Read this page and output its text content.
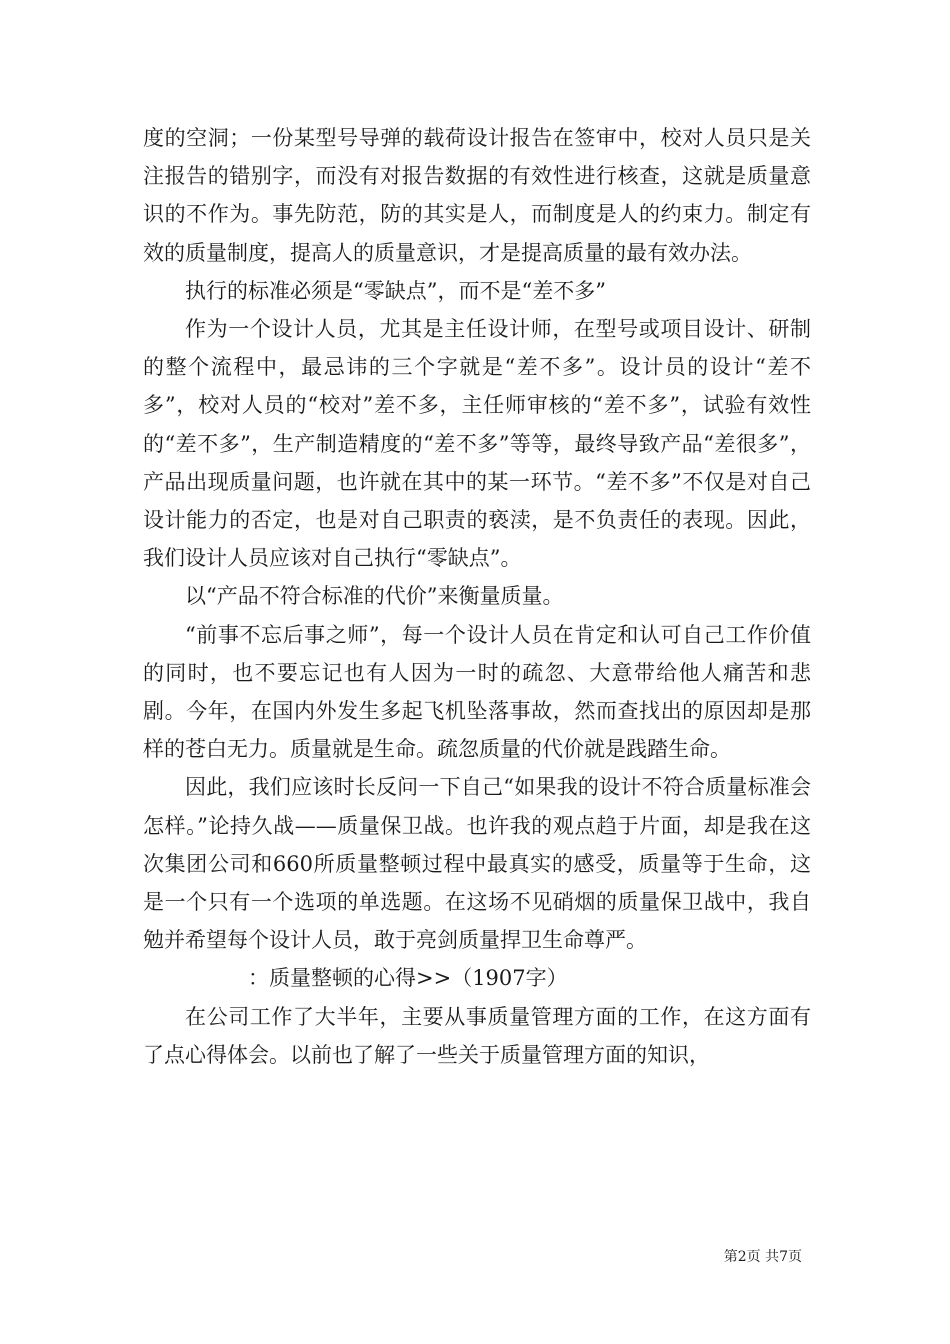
度的空洞；一份某型号导弹的载荷设计报告在签审中，校对人员只是关注报告的错别字，而没有对报告数据的有效性进行核查，这就是质量意识的不作为。事先防范，防的其实是人，而制度是人的约束力。制定有效的质量制度，提高人的质量意识，才是提高质量的最有效办法。

执行的标准必须是“零缺点”，而不是“差不多”

作为一个设计人员，尤其是主任设计师，在型号或项目设计、研制的整个流程中，最忌讳的三个字就是“差不多”。设计员的设计“差不多”，校对人员的“校对”差不多，主任师审核的“差不多”，试验有效性的“差不多”，生产制造精度的“差不多”等等，最终导致产品“差很多”，产品出现质量问题，也许就在其中的某一环节。“差不多”不仅是对自己设计能力的否定，也是对自己职责的亵渎，是不负责任的表现。因此，我们设计人员应该对自己执行“零缺点”。

以“产品不符合标准的代价”来衡量质量。

“前事不忘后事之师”，每一个设计人员在肯定和认可自己工作价值的同时，也不要忘记也有人因为一时的疏忽、大意带给他人痛苦和悲剧。今年，在国内外发生多起飞机坠落事故，然而查找出的原因却是那样的苍白无力。质量就是生命。疏忽质量的代价就是践踏生命。

因此，我们应该时长反问一下自己“如果我的设计不符合质量标准会怎样。”论持久战——质量保卫战。也许我的观点趋于片面，却是我在这次集团公司和660所质量整顿过程中最真实的感受，质量等于生命，这是一个只有一个选项的单选题。在这场不见硝烟的质量保卫战中，我自勉并希望每个设计人员，敢于亮剑质量捍卫生命尊严。

：质量整顿的心得>>（1907字）

在公司工作了大半年，主要从事质量管理方面的工作，在这方面有了点心得体会。以前也了解了一些关于质量管理方面的知识，

第2页 共7页
